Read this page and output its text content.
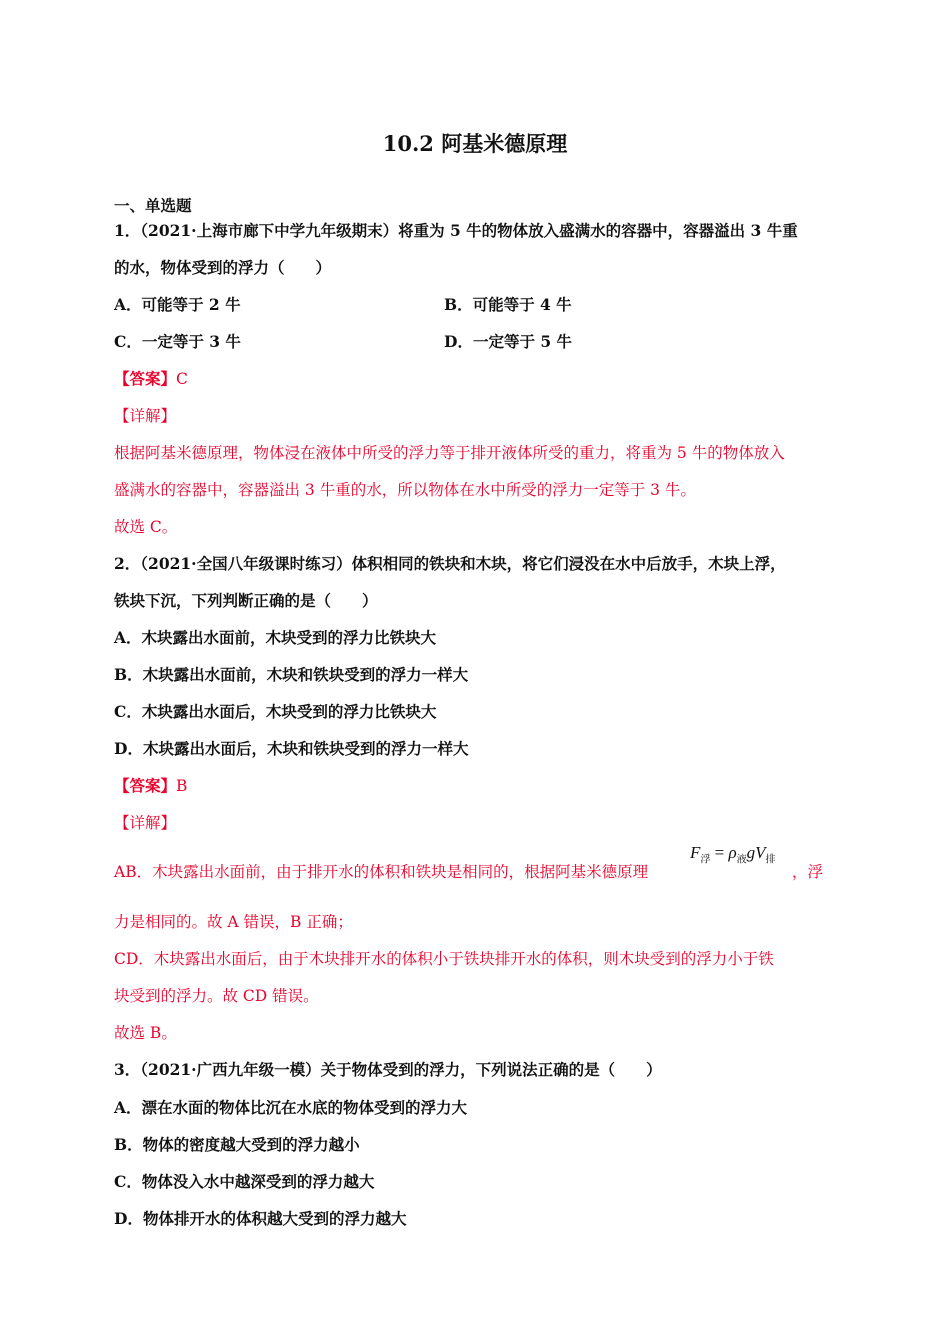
10.2 阿基米德原理
一、单选题
1．（2021·上海市廊下中学九年级期末）将重为 5 牛的物体放入盛满水的容器中，容器溢出 3 牛重
的水，物体受到的浮力（　　）
A．可能等于 2 牛	B．可能等于 4 牛
C．一定等于 3 牛	D．一定等于 5 牛
【答案】C
【详解】
根据阿基米德原理，物体浸在液体中所受的浮力等于排开液体所受的重力，将重为 5 牛的物体放入
盛满水的容器中，容器溢出 3 牛重的水，所以物体在水中所受的浮力一定等于 3 牛。
故选 C。
2．（2021·全国八年级课时练习）体积相同的铁块和木块，将它们浸没在水中后放手，木块上浮，
铁块下沉，下列判断正确的是（　　）
A．木块露出水面前，木块受到的浮力比铁块大
B．木块露出水面前，木块和铁块受到的浮力一样大
C．木块露出水面后，木块受到的浮力比铁块大
D．木块露出水面后，木块和铁块受到的浮力一样大
【答案】B
【详解】
AB．木块露出水面前，由于排开水的体积和铁块是相同的，根据阿基米德原理
$F_浮 = \rho_液gV_排$
，浮
力是相同的。故 A 错误，B 正确；
CD．木块露出水面后，由于木块排开水的体积小于铁块排开水的体积，则木块受到的浮力小于铁
块受到的浮力。故 CD 错误。
故选 B。
3．（2021·广西九年级一模）关于物体受到的浮力，下列说法正确的是（　　）
A．漂在水面的物体比沉在水底的物体受到的浮力大
B．物体的密度越大受到的浮力越小
C．物体没入水中越深受到的浮力越大
D．物体排开水的体积越大受到的浮力越大
